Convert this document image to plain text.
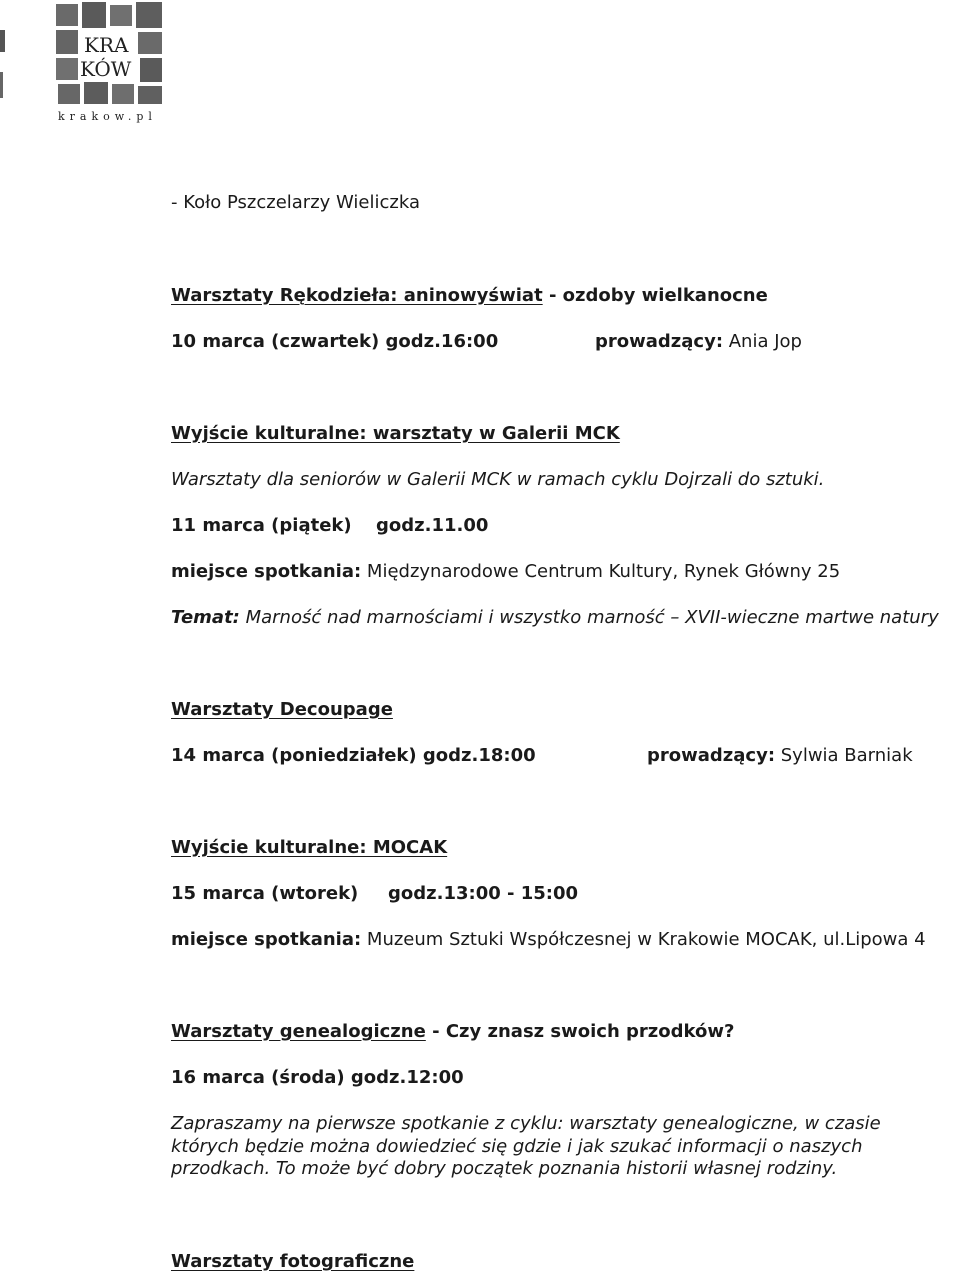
KRA
KÓW
krakow.pl
- Koło Pszczelarzy Wieliczka
Warsztaty Rękodzieła: aninowyświat - ozdoby wielkanocne
10 marca (czwartek) godz.16:00	prowadzący: Ania Jop
Wyjście kulturalne: warsztaty w Galerii MCK
Warsztaty dla seniorów w Galerii MCK w ramach cyklu Dojrzali do sztuki.
11 marca (piątek) godz.11.00
miejsce spotkania: Międzynarodowe Centrum Kultury, Rynek Główny 25
Temat: Marność nad marnościami i wszystko marność – XVII-wieczne martwe natury
Warsztaty Decoupage
14 marca (poniedziałek) godz.18:00	prowadzący: Sylwia Barniak
Wyjście kulturalne: MOCAK
15 marca (wtorek) godz.13:00 - 15:00
miejsce spotkania: Muzeum Sztuki Współczesnej w Krakowie MOCAK, ul.Lipowa 4
Warsztaty genealogiczne - Czy znasz swoich przodków?
16 marca (środa) godz.12:00
Zapraszamy na pierwsze spotkanie z cyklu: warsztaty genealogiczne, w czasie których będzie można dowiedzieć się gdzie i jak szukać informacji o naszych przodkach. To może być dobry początek poznania historii własnej rodziny.
Warsztaty fotograficzne
